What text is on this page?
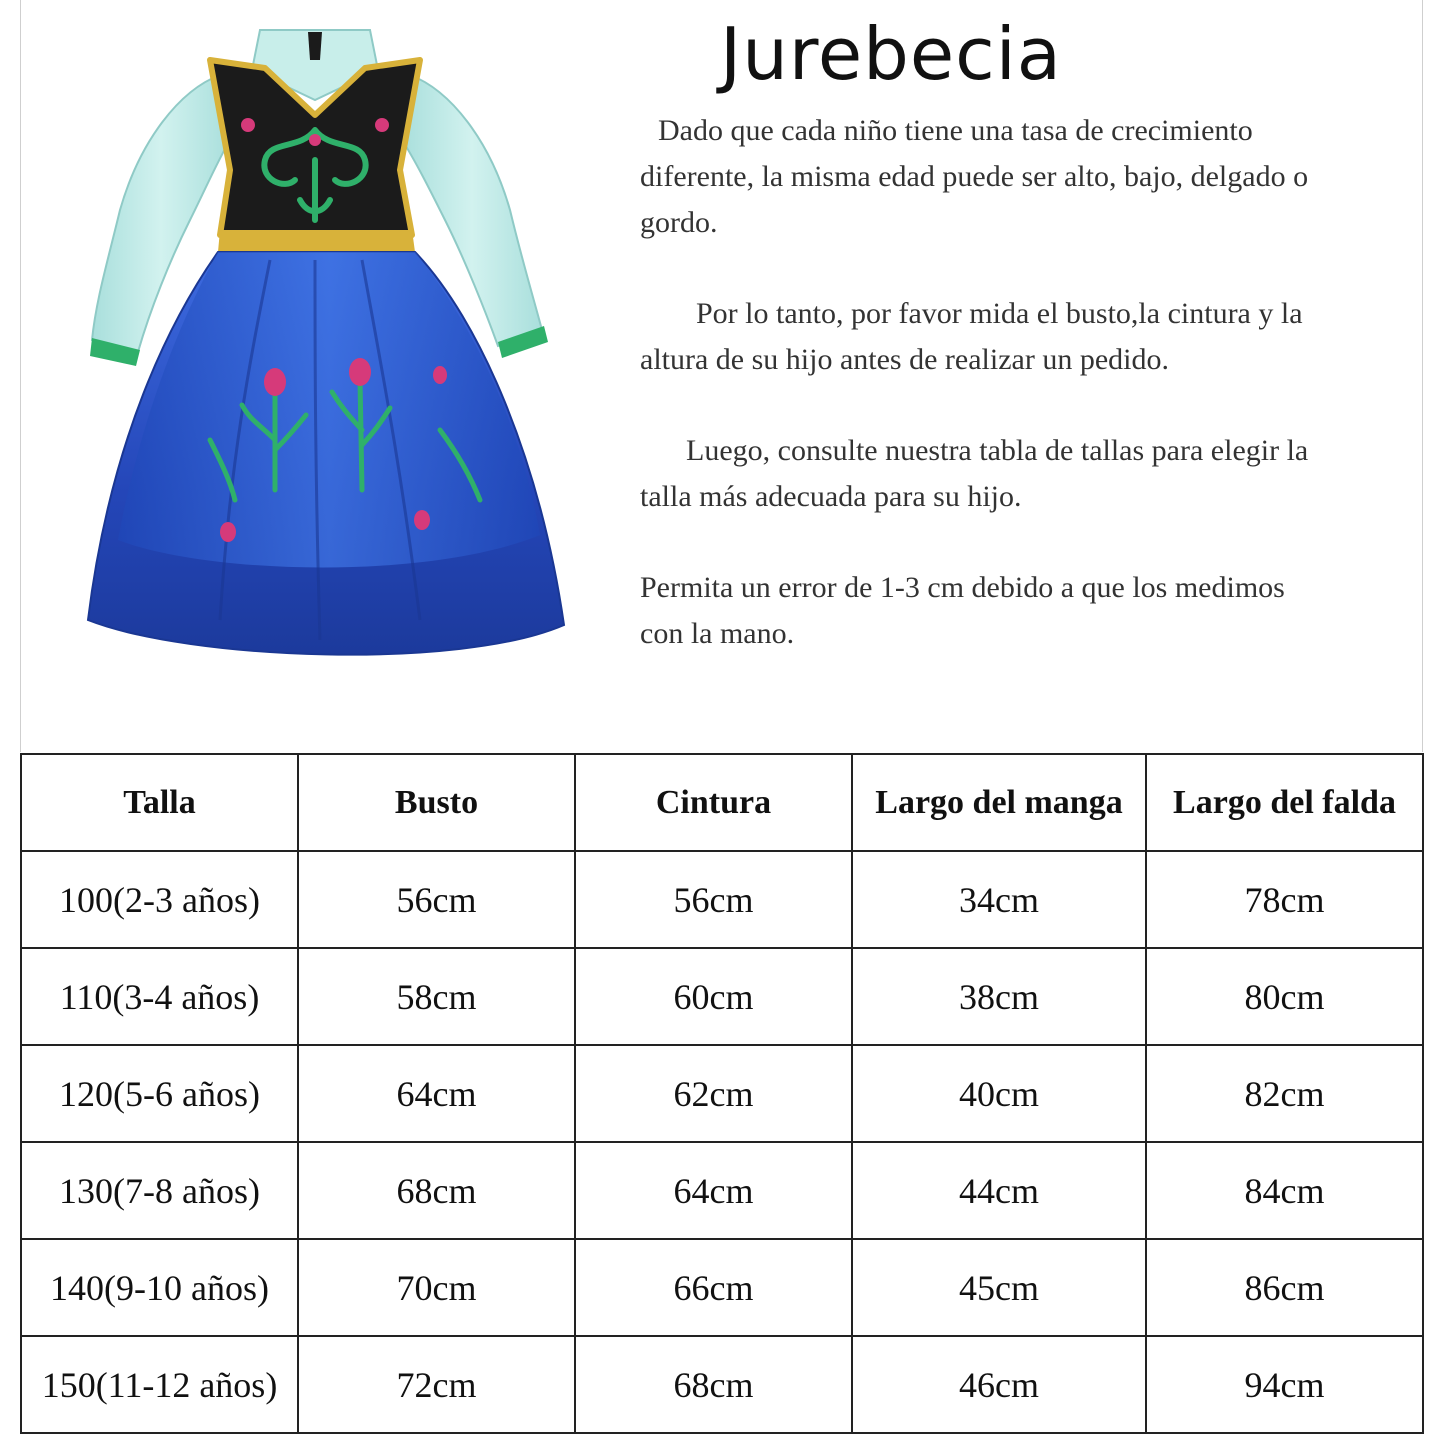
Jurebecia

Dado que cada niño tiene una tasa de crecimiento diferente, la misma edad puede ser alto, bajo, delgado o gordo.

Por lo tanto, por favor mida el busto,la cintura y la altura de su hijo antes de realizar un pedido.

Luego, consulte nuestra tabla de tallas para elegir la talla más adecuada para su hijo.

Permita un error de 1-3 cm debido a que los medimos con la mano.

Talla	Busto	Cintura	Largo del manga	Largo del falda
100(2-3 años)	56cm	56cm	34cm	78cm
110(3-4 años)	58cm	60cm	38cm	80cm
120(5-6 años)	64cm	62cm	40cm	82cm
130(7-8 años)	68cm	64cm	44cm	84cm
140(9-10 años)	70cm	66cm	45cm	86cm
150(11-12 años)	72cm	68cm	46cm	94cm
